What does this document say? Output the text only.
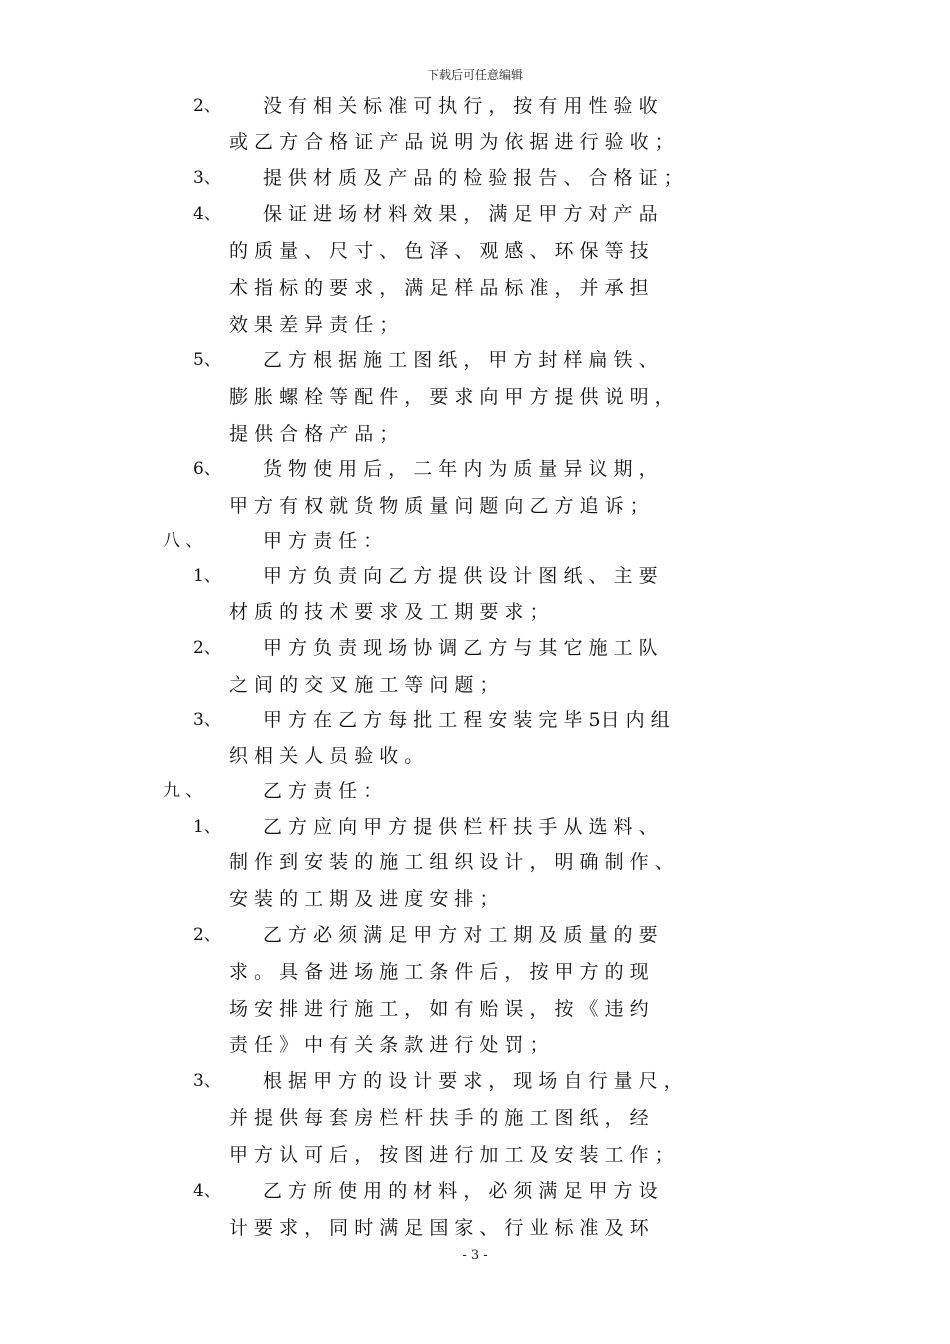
下载后可任意编辑
2、 没 有 相 关 标 准 可 执 行 ， 按 有 用 性 验 收
或 乙 方 合 格 证 产 品 说 明 为 依 据 进 行 验 收 ；
3、 提 供 材 质 及 产 品 的 检 验 报 告 、 合 格 证 ；
4、 保 证 进 场 材 料 效 果 ， 满 足 甲 方 对 产 品
的 质 量 、 尺 寸 、 色 泽 、 观 感 、 环 保 等 技
术 指 标 的 要 求 ， 满 足 样 品 标 准 ， 并 承 担
效 果 差 异 责 任 ；
5、 乙 方 根 据 施 工 图 纸 ， 甲 方 封 样 扁 铁 、
膨 胀 螺 栓 等 配 件 ， 要 求 向 甲 方 提 供 说 明 ，
提 供 合 格 产 品 ；
6、 货 物 使 用 后 ， 二 年 内 为 质 量 异 议 期 ，
甲 方 有 权 就 货 物 质 量 问 题 向 乙 方 追 诉 ；
八 、	甲 方 责 任 ：
1、 甲 方 负 责 向 乙 方 提 供 设 计 图 纸 、 主 要
材 质 的 技 术 要 求 及 工 期 要 求 ；
2、 甲 方 负 责 现 场 协 调 乙 方 与 其 它 施 工 队
之 间 的 交 叉 施 工 等 问 题 ；
3、 甲 方 在 乙 方 每 批 工 程 安 装 完 毕 5日 内 组
织 相 关 人 员 验 收 。
九 、	乙 方 责 任 ：
1、 乙 方 应 向 甲 方 提 供 栏 杆 扶 手 从 选 料 、
制 作 到 安 装 的 施 工 组 织 设 计 ， 明 确 制 作 、
安 装 的 工 期 及 进 度 安 排 ；
2、 乙 方 必 须 满 足 甲 方 对 工 期 及 质 量 的 要
求 。 具 备 进 场 施 工 条 件 后 ， 按 甲 方 的 现
场 安 排 进 行 施 工 ， 如 有 贻 误 ， 按 《 违 约
责 任 》 中 有 关 条 款 进 行 处 罚 ；
3、 根 据 甲 方 的 设 计 要 求 ， 现 场 自 行 量 尺 ，
并 提 供 每 套 房 栏 杆 扶 手 的 施 工 图 纸 ， 经
甲 方 认 可 后 ， 按 图 进 行 加 工 及 安 装 工 作 ；
4、 乙 方 所 使 用 的 材 料 ， 必 须 满 足 甲 方 设
计 要 求 ， 同 时 满 足 国 家 、 行 业 标 准 及 环
- 3 -
